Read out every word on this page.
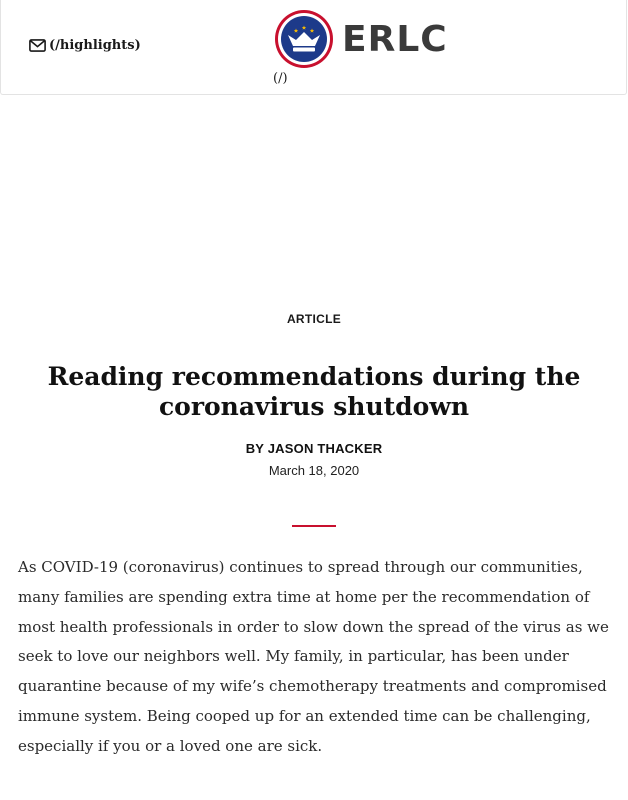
(/highlights)	ERLC
(/)
ARTICLE
Reading recommendations during the coronavirus shutdown
BY JASON THACKER
March 18, 2020

As COVID-19 (coronavirus) continues to spread through our communities, many families are spending extra time at home per the recommendation of most health professionals in order to slow down the spread of the virus as we seek to love our neighbors well. My family, in particular, has been under quarantine because of my wife’s chemotherapy treatments and compromised immune system. Being cooped up for an extended time can be challenging, especially if you or a loved one are sick.
